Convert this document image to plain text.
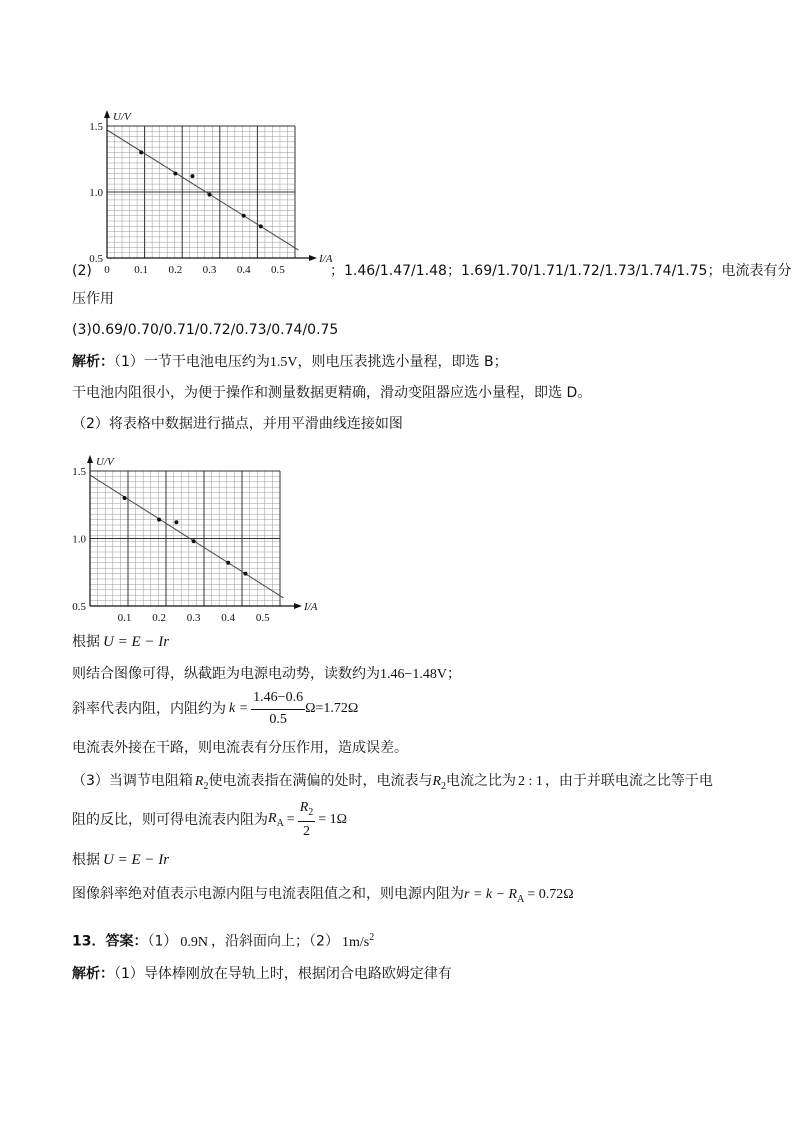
U/V
I/A
0.5
1.0
1.5
0 0.1 0.2 0.3 0.4 0.5
(2)	；1.46/1.47/1.48；1.69/1.70/1.71/1.72/1.73/1.74/1.75；电流表有分
压作用
(3)0.69/0.70/0.71/0.72/0.73/0.74/0.75
解析：（1）一节干电池电压约为1.5V，则电压表挑选小量程，即选 B；
干电池内阻很小，为便于操作和测量数据更精确，滑动变阻器应选小量程，即选 D。
（2）将表格中数据进行描点，并用平滑曲线连接如图
U/V
I/A
0.5
1.0
1.5
0.1 0.2 0.3 0.4 0.5
根据 U = E − Ir
则结合图像可得，纵截距为电源电动势，读数约为1.46−1.48V；
斜率代表内阻，内阻约为 $k = \frac{1.46-0.6}{0.5} \Omega=1.72\Omega$
电流表外接在干路，则电流表有分压作用，造成误差。
（3）当调节电阻箱 $R_2$使电流表指在满偏的处时，电流表与$R_2$电流之比为 2 : 1 ，由于并联电流之比等于电
阻的反比，则可得电流表内阻为$R_A = \frac{R_2}{2} = 1\Omega$
根据 U = E − Ir
图像斜率绝对值表示电源内阻与电流表阻值之和，则电源内阻为$r = k - R_A = 0.72\Omega$
13．答案：（1） 0.9N ，沿斜面向上；（2） $1m/s^2$
解析：（1）导体棒刚放在导轨上时，根据闭合电路欧姆定律有
